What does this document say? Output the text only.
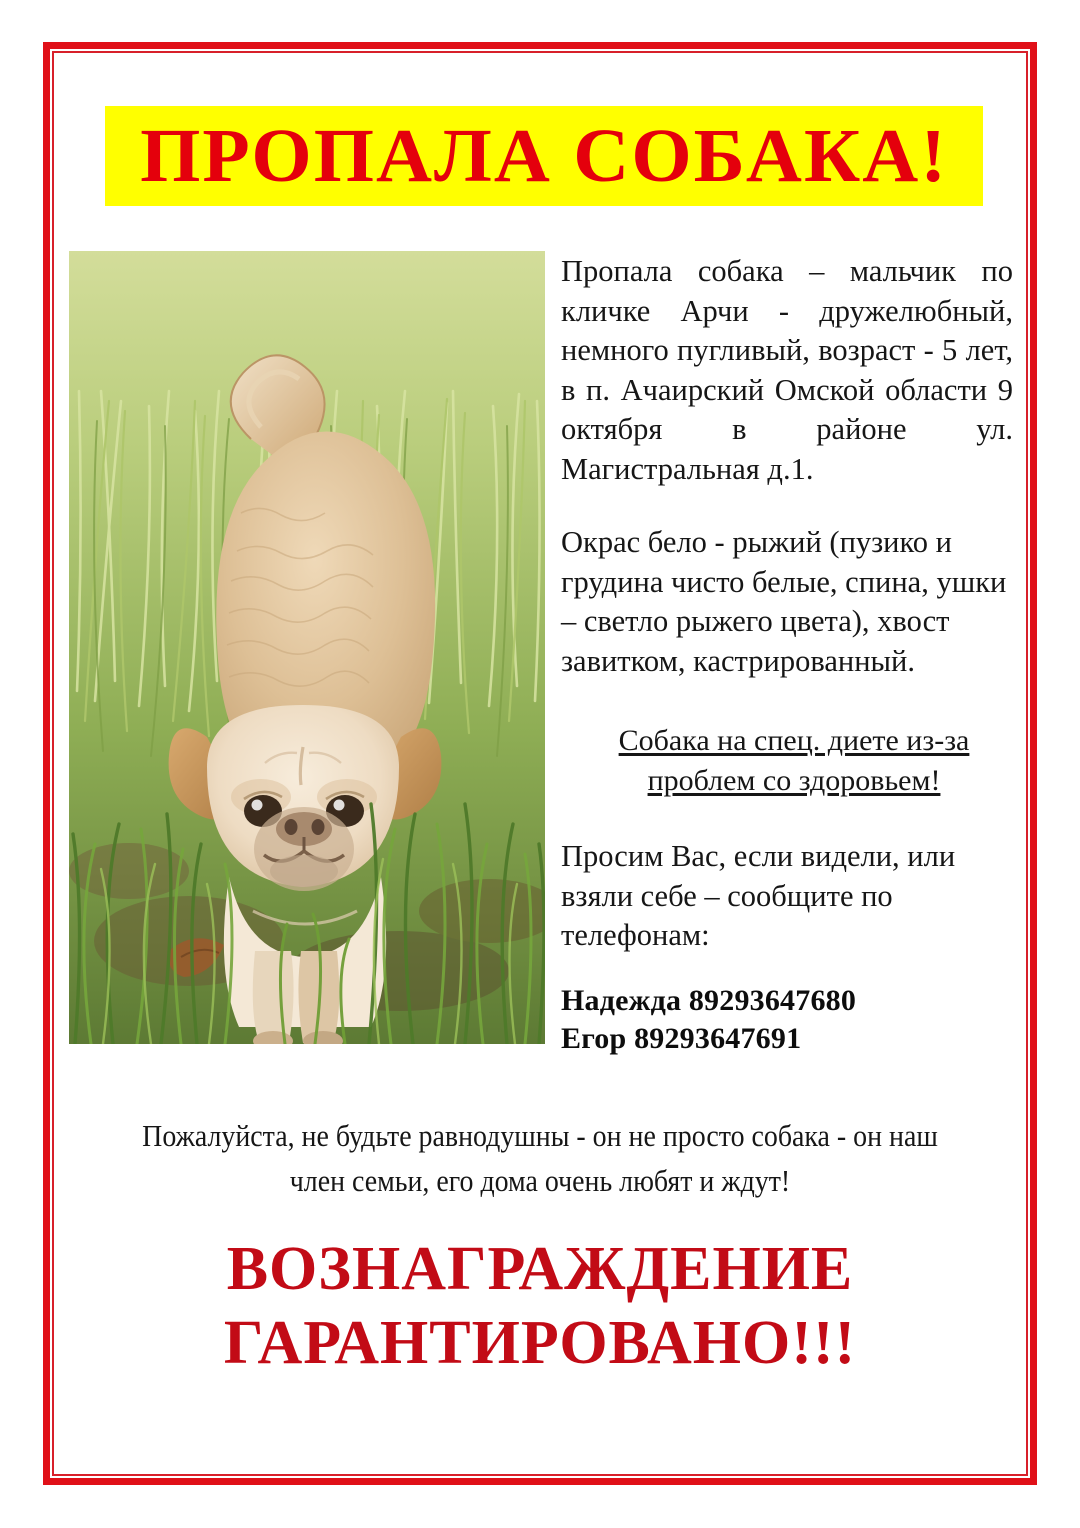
ПРОПАЛА СОБАКА!

Пропала собака – мальчик по кличке Арчи - дружелюбный, немного пугливый, возраст - 5 лет, в п. Ачаирский Омской области 9 октября в районе ул. Магистральная д.1.

Окрас бело - рыжий (пузико и грудина чисто белые, спина, ушки – светло рыжего цвета), хвост завитком, кастрированный.

Собака на спец. диете из-за проблем со здоровьем!

Просим Вас, если видели, или взяли себе – сообщите по телефонам:

Надежда 89293647680
Егор 89293647691
Пожалуйста, не будьте равнодушны - он не просто собака - он наш
член семьи, его дома очень любят и ждут!
ВОЗНАГРАЖДЕНИЕ
ГАРАНТИРОВАНО!!!
